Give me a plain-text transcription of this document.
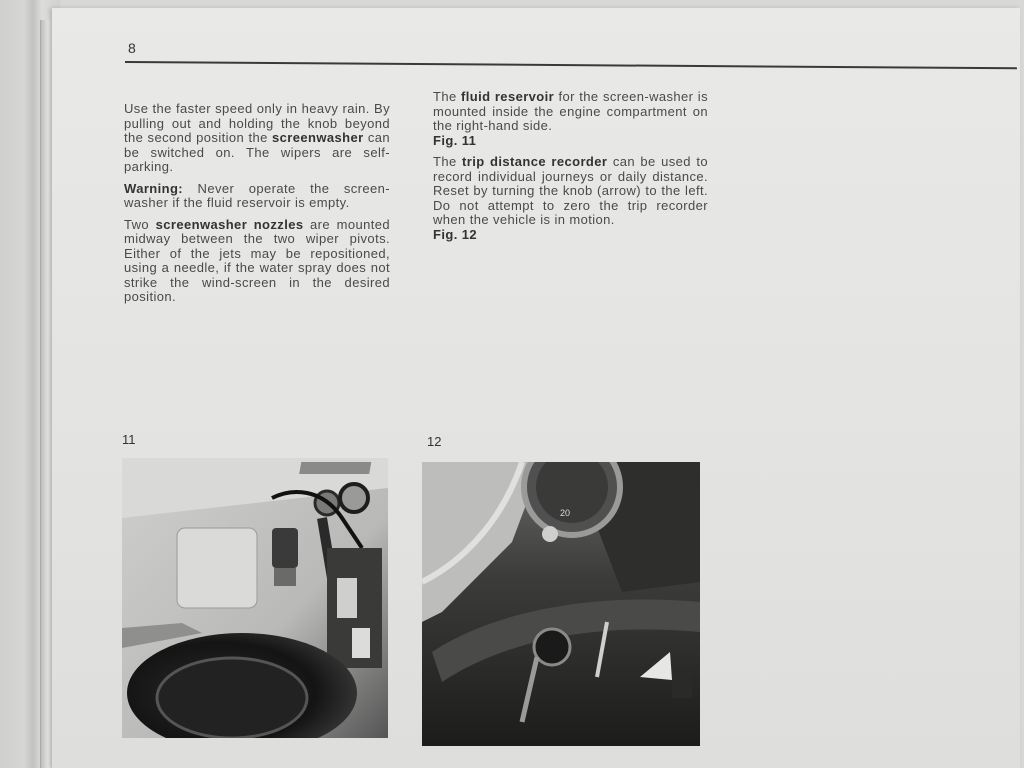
8

Use the faster speed only in heavy rain. By pulling out and holding the knob beyond the second position the screenwasher can be switched on. The wipers are self-parking.

Warning: Never operate the screen-washer if the fluid reservoir is empty.

Two screenwasher nozzles are mounted midway between the two wiper pivots. Either of the jets may be repositioned, using a needle, if the water spray does not strike the wind-screen in the desired position.

The fluid reservoir for the screen-washer is mounted inside the engine compartment on the right-hand side.
Fig. 11

The trip distance recorder can be used to record individual journeys or daily distance. Reset by turning the knob (arrow) to the left. Do not attempt to zero the trip recorder when the vehicle is in motion.
Fig. 12

11	12
20
